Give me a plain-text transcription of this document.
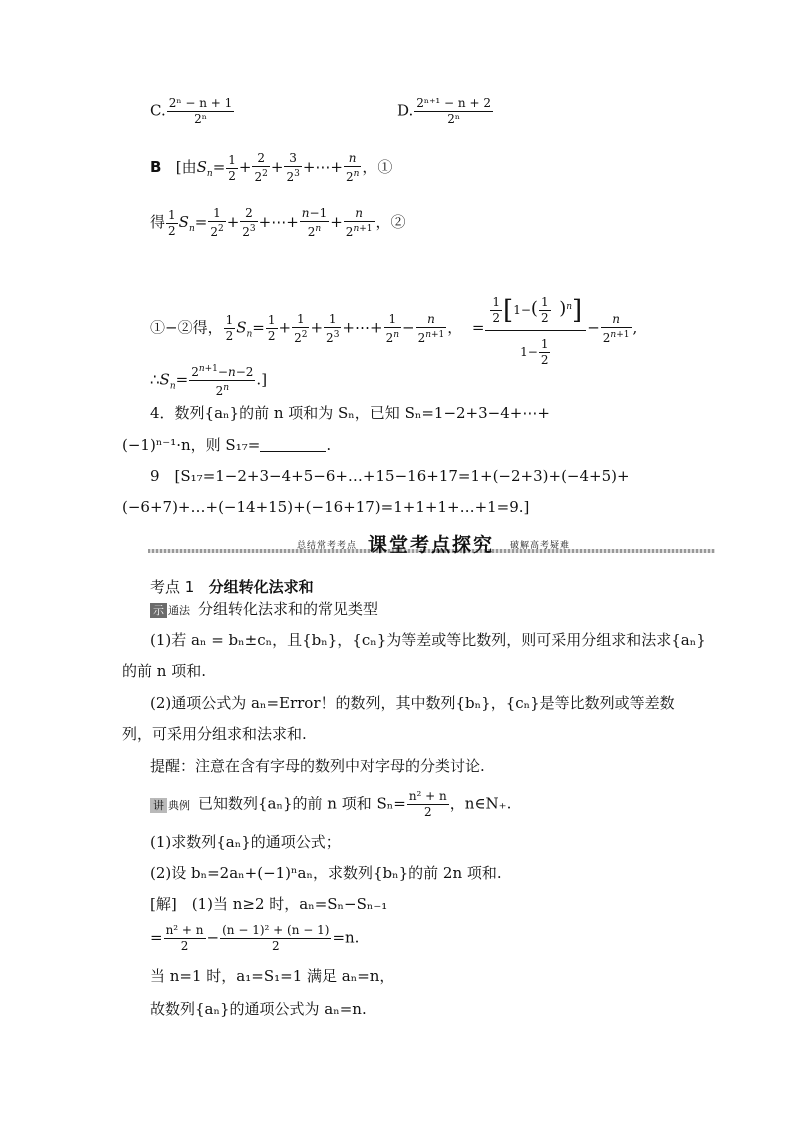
C. $\frac{\text{2ⁿ − n + 1}}{\text{2ⁿ}}$	D. $\frac{\text{2ⁿ⁺¹ − n + 2}}{\text{2ⁿ}}$
B [由$S_n= \frac{1}{2} + \frac{2}{2^2} + \frac{3}{2^3}$ +⋯+ $\frac{n}{2^n}$ ，①
得 $\frac{1}{2} S_n= \frac{1}{2^2} + \frac{2}{2^3}$ +⋯+ $\frac{n-1}{2^n} + \frac{n}{2^{n+1}}$ ，②
①−②得， $\frac{1}{2} S_n= \frac{1}{2} + \frac{1}{2^2} + \frac{1}{2^3}$ +⋯+ $\frac{1}{2^n} - \frac{n}{2^{n+1}}$ ，  = $\frac{\frac{1}{2} [1-( \frac{1}{2} )^n]}{1- \frac{1}{2}} - \frac{n}{2^{n+1}}$ ,
$\therefore S_n= \frac{2^{n+1}-n-2}{2^n}$ .]
4．数列{aₙ}的前 n 项和为 Sₙ，已知 Sₙ=1−2+3−4+⋯+
(−1)ⁿ⁻¹·n，则 S₁₇=	.
9　[S₁₇=1−2+3−4+5−6+…+15−16+17=1+(−2+3)+(−4+5)+
(−6+7)+…+(−14+15)+(−16+17)=1+1+1+…+1=9.]
总结常考考点 课堂考点探究 破解高考疑难
考点 1 分组转化法求和
示 通法 分组转化法求和的常见类型
(1)若 aₙ = bₙ±cₙ，且{bₙ}，{cₙ}为等差或等比数列，则可采用分组求和法求{aₙ}
的前 n 项和.
(2)通项公式为 aₙ=Error！的数列，其中数列{bₙ}，{cₙ}是等比数列或等差数
列，可采用分组求和法求和.
提醒：注意在含有字母的数列中对字母的分类讨论.
讲 典例 已知数列{aₙ}的前 n 项和 $S_n= \frac{\text{n² + n}}{2}$ ，n∈N₊.
(1)求数列{aₙ}的通项公式；
(2)设 bₙ=2aₙ+(−1)ⁿaₙ，求数列{bₙ}的前 2n 项和.
[解]　(1)当 n≥2 时，aₙ=Sₙ−Sₙ₋₁
= $\frac{\text{n² + n}}{2} - \frac{\text{(n − 1)² + (n − 1)}}{2} =n$.
当 n=1 时，a₁=S₁=1 满足 aₙ=n，
故数列{aₙ}的通项公式为 aₙ=n.
